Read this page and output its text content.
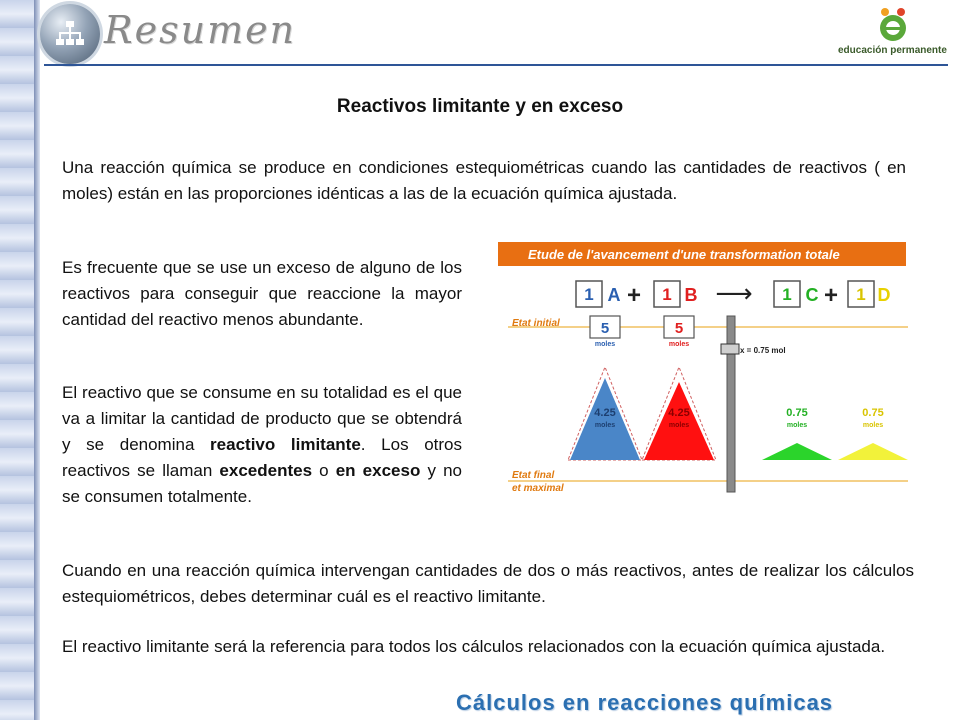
Resumen	educación permanente
Reactivos limitante y en exceso

Una reacción química se produce en condiciones estequiométricas cuando las cantidades de reactivos ( en moles) están en las proporciones idénticas a las de la ecuación química ajustada.

Es frecuente que se use un exceso de alguno de los reactivos para conseguir que reaccione la mayor cantidad del reactivo menos abundante.

El reactivo que se consume en su totalidad es el que va a limitar la cantidad de producto que se obtendrá y se denomina reactivo limitante. Los otros reactivos se llaman excedentes o en exceso y no se consumen totalmente.

Cuando en una reacción química intervengan cantidades de dos o más reactivos, antes de realizar los cálculos estequiométricos, debes determinar cuál es el reactivo limitante.

El reactivo limitante será la referencia para todos los cálculos relacionados con la ecuación química ajustada.

Etude de l'avancement d'une transformation totale
1 A + 1 B ⟶ 1 C + 1 D
Etat initial
Etat final
et maximal
5
moles
5
moles
x = 0.75 mol
4.25
moles
4.25
moles
0.75
moles
0.75
moles
Cálculos en reacciones químicas
